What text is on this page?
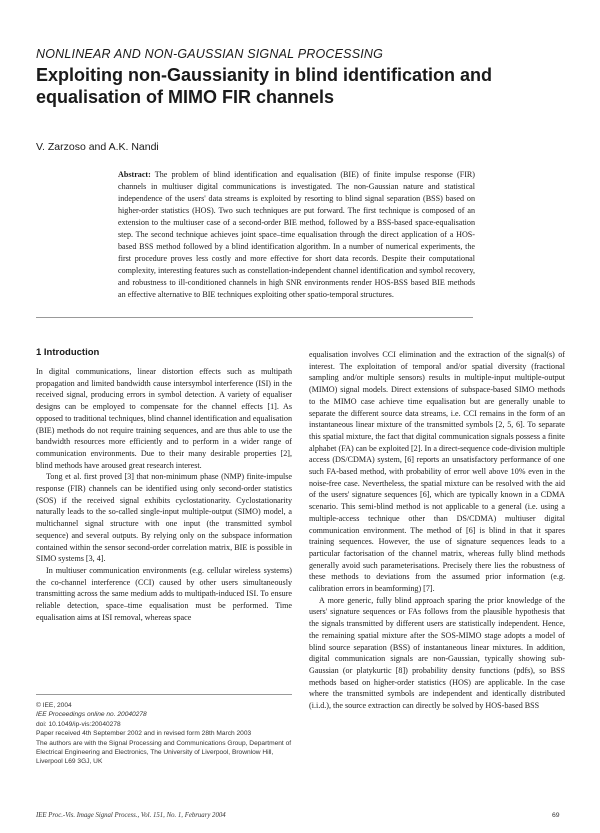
NONLINEAR AND NON-GAUSSIAN SIGNAL PROCESSING
Exploiting non-Gaussianity in blind identification and
equalisation of MIMO FIR channels
V. Zarzoso and A.K. Nandi
Abstract: The problem of blind identification and equalisation (BIE) of finite impulse response (FIR) channels in multiuser digital communications is investigated. The non-Gaussian nature and statistical independence of the users' data streams is exploited by resorting to blind signal separation (BSS) based on higher-order statistics (HOS). Two such techniques are put forward. The first technique is composed of an extension to the multiuser case of a second-order BIE method, followed by a BSS-based space-equalisation step. The second technique achieves joint space–time equalisation through the direct application of a HOS-based BSS method followed by a blind identification algorithm. In a number of numerical experiments, the first procedure proves less costly and more effective for short data records. Despite their computational complexity, interesting features such as constellation-independent channel identification and symbol recovery, and robustness to ill-conditioned channels in high SNR environments render HOS-BSS based BIE methods an effective alternative to BIE techniques exploiting other spatio-temporal structures.
1 Introduction

In digital communications, linear distortion effects such as multipath propagation and limited bandwidth cause intersymbol interference (ISI) in the received signal, producing errors in symbol detection. A variety of equaliser designs can be employed to compensate for the channel effects [1]. As opposed to traditional techniques, blind channel identification and equalisation (BIE) methods do not require training sequences, and are thus able to use the bandwidth resources more efficiently and to perform in a wider range of communication environments. Due to their many desirable properties [2], blind methods have aroused great research interest.

Tong et al. first proved [3] that non-minimum phase (NMP) finite-impulse response (FIR) channels can be identified using only second-order statistics (SOS) if the received signal exhibits cyclostationarity. Cyclostationarity naturally leads to the so-called single-input multiple-output (SIMO) model, a multichannel signal structure with one input (the transmitted symbol sequence) and several outputs. By relying only on the subspace information contained within the sensor second-order correlation matrix, BIE is possible in SIMO systems [3, 4].

In multiuser communication environments (e.g. cellular wireless systems) the co-channel interference (CCI) caused by other users simultaneously transmitting across the same medium adds to multipath-induced ISI. To ensure reliable detection, space–time equalisation must be performed. Time equalisation aims at ISI removal, whereas space

equalisation involves CCI elimination and the extraction of the signal(s) of interest. The exploitation of temporal and/or spatial diversity (fractional sampling and/or multiple sensors) results in multiple-input multiple-output (MIMO) signal models. Direct extensions of subspace-based SIMO methods to the MIMO case achieve time equalisation but are generally unable to separate the different source data streams, i.e. CCI remains in the form of an instantaneous linear mixture of the transmitted symbols [2, 5, 6]. To separate this spatial mixture, the fact that digital communication signals possess a finite alphabet (FA) can be exploited [2]. In a direct-sequence code-division multiple access (DS/CDMA) system, [6] reports an unsatisfactory performance of one such FA-based method, with probability of error well above 10% even in the noise-free case. Nevertheless, the spatial mixture can be resolved with the aid of the users' signature sequences [6], which are typically known in a CDMA scenario. This semi-blind method is not applicable to a general (i.e. using a multiple-access technique other than DS/CDMA) multiuser digital communication environment. The method of [6] is blind in that it spares training sequences. However, the use of signature sequences leads to a particular factorisation of the channel matrix, whereas fully blind methods generally avoid such parameterisations. Precisely there lies the robustness of these methods to deviations from the assumed prior information (e.g. calibration errors in beamforming) [7].

A more generic, fully blind approach sparing the prior knowledge of the users' signature sequences or FAs follows from the plausible hypothesis that the signals transmitted by different users are statistically independent. Hence, the remaining spatial mixture after the SOS-MIMO stage adopts a model of blind source separation (BSS) of instantaneous linear mixtures. In addition, digital communication signals are non-Gaussian, typically showing sub-Gaussian (or platykurtic [8]) probability density functions (pdfs), so BSS methods based on higher-order statistics (HOS) are applicable. In the case where the transmitted symbols are independent and identically distributed (i.i.d.), the source extraction can directly be solved by HOS-based BSS

© IEE, 2004

IEE Proceedings online no. 20040278

doi: 10.1049/ip-vis:20040278

Paper received 4th September 2002 and in revised form 28th March 2003

The authors are with the Signal Processing and Communications Group, Department of Electrical Engineering and Electronics, The University of Liverpool, Brownlow Hill, Liverpool L69 3GJ, UK

IEE Proc.-Vis. Image Signal Process., Vol. 151, No. 1, February 2004	69
